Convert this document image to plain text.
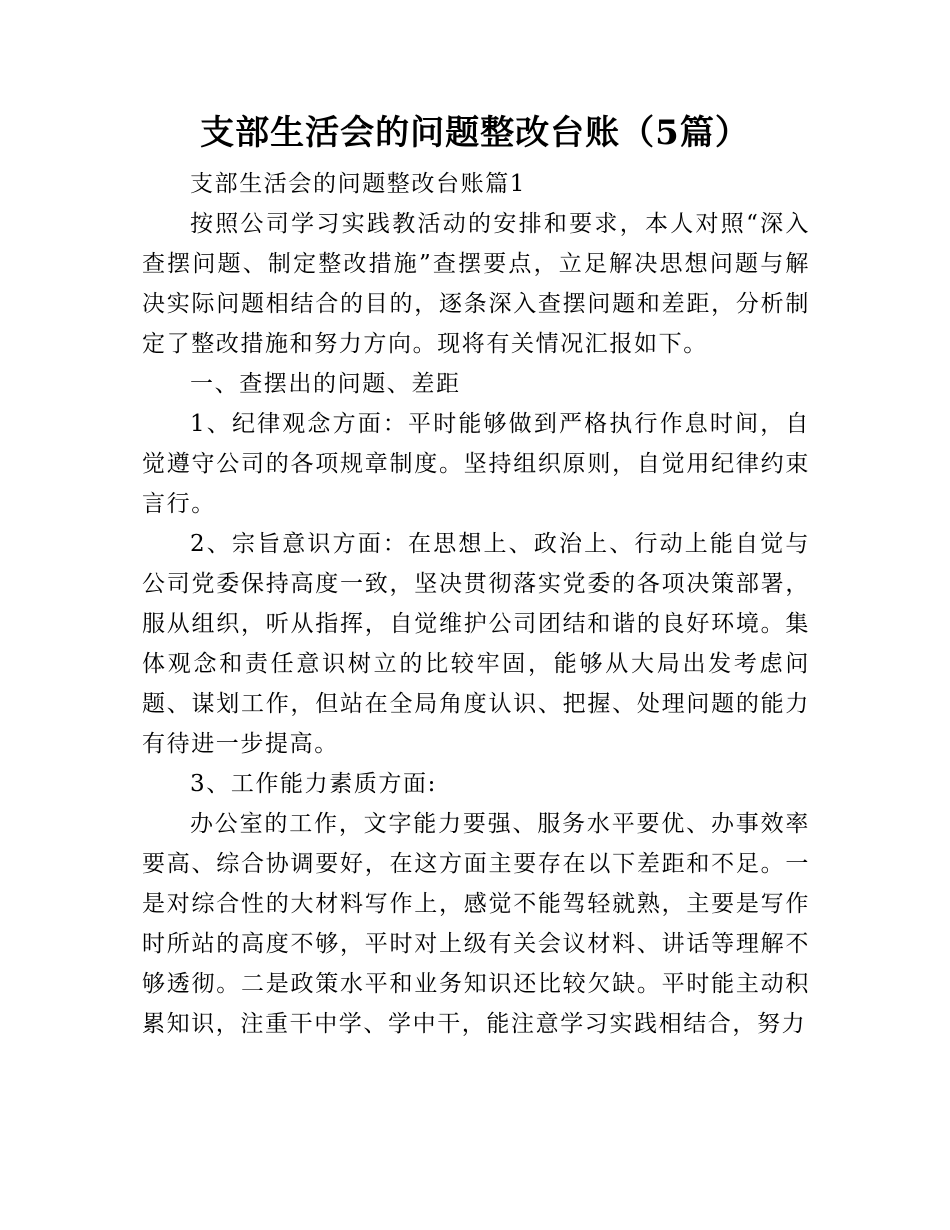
支部生活会的问题整改台账（5篇）

支部生活会的问题整改台账篇1

按照公司学习实践教活动的安排和要求，本人对照“深入查摆问题、制定整改措施”查摆要点，立足解决思想问题与解决实际问题相结合的目的，逐条深入查摆问题和差距，分析制定了整改措施和努力方向。现将有关情况汇报如下。

一、查摆出的问题、差距

1、纪律观念方面：平时能够做到严格执行作息时间，自觉遵守公司的各项规章制度。坚持组织原则，自觉用纪律约束言行。

2、宗旨意识方面：在思想上、政治上、行动上能自觉与公司党委保持高度一致，坚决贯彻落实党委的各项决策部署，服从组织，听从指挥，自觉维护公司团结和谐的良好环境。集体观念和责任意识树立的比较牢固，能够从大局出发考虑问题、谋划工作，但站在全局角度认识、把握、处理问题的能力有待进一步提高。

3、工作能力素质方面:

办公室的工作，文字能力要强、服务水平要优、办事效率要高、综合协调要好，在这方面主要存在以下差距和不足。一是对综合性的大材料写作上，感觉不能驾轻就熟，主要是写作时所站的高度不够，平时对上级有关会议材料、讲话等理解不够透彻。二是政策水平和业务知识还比较欠缺。平时能主动积累知识，注重干中学、学中干，能注意学习实践相结合，努力
